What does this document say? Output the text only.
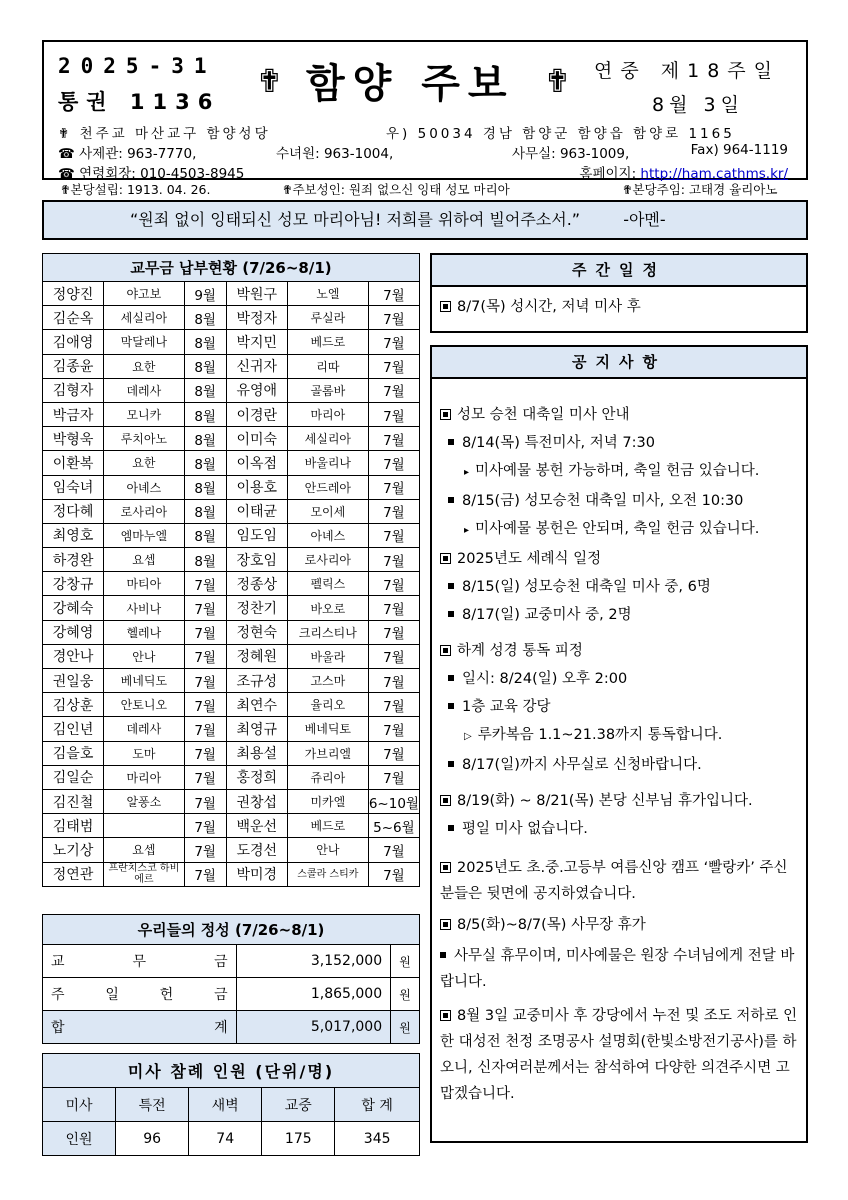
2025-31
통권 1136
✟ 함양 주보 ✟ 연중 제18주일
8월 3일
✟ 천주교 마산교구 함양성당	우) 50034 경남 함양군 함양읍 함양로 1165
☎ 사제관: 963-7770,	수녀원: 963-1004,	사무실: 963-1009,	Fax) 964-1119
☎ 연령회장: 010-4503-8945	홈페이지: http://ham.cathms.kr/
✟본당설립: 1913. 04. 26.	✟주보성인: 원죄 없으신 잉태 성모 마리아	✟본당주임: 고태경 율리아노
“원죄 없이 잉태되신 성모 마리아님! 저희를 위하여 빌어주소서.”	-아멘-
교무금 납부현황 (7/26~8/1)					
정양진	야고보	9월	박원구	노엘	7월
김순옥	세실리아	8월	박정자	루실라	7월
김애영	막달레나	8월	박지민	베드로	7월
김종윤	요한	8월	신귀자	리따	7월
김형자	데레사	8월	유영애	골롬바	7월
박금자	모니카	8월	이경란	마리아	7월
박형욱	루치아노	8월	이미숙	세실리아	7월
이환복	요한	8월	이옥점	바울리나	7월
임숙녀	아녜스	8월	이용호	안드레아	7월
정다혜	로사리아	8월	이태균	모이세	7월
최영호	엠마누엘	8월	임도임	아녜스	7월
하경완	요셉	8월	장호임	로사리아	7월
강창규	마티아	7월	정종상	펠릭스	7월
강혜숙	사비나	7월	정찬기	바오로	7월
강혜영	헬레나	7월	정현숙	크리스티나	7월
경안나	안나	7월	정혜원	바울라	7월
권일웅	베네딕도	7월	조규성	고스마	7월
김상훈	안토니오	7월	최연수	율리오	7월
김인년	데레사	7월	최영규	베네딕토	7월
김을호	도마	7월	최용설	가브리엘	7월
김일순	마리아	7월	홍정희	쥬리아	7월
김진철	알퐁소	7월	권창섭	미카엘	6~10월
김태범		7월	백운선	베드로	5~6월
노기상	요셉	7월	도경선	안나	7월
정연관	프란치스코 하비에르	7월	박미경	스콜라 스티카	7월
우리들의 정성 (7/26~8/1)		

교 무 금	3,152,000	원

주 일 헌 금	1,865,000	원

합 계	5,017,000	원
미사 참례 인원 (단위/명)				
미사	특전	새벽	교중	합 계
인원	96	74	175	345
주간일정
8/7(목) 성시간, 저녁 미사 후
공지사항
성모 승천 대축일 미사 안내
8/14(목) 특전미사, 저녁 7:30
▸ 미사예물 봉헌 가능하며, 축일 헌금 있습니다.
8/15(금) 성모승천 대축일 미사, 오전 10:30
▸ 미사예물 봉헌은 안되며, 축일 헌금 있습니다.
2025년도 세례식 일정
8/15(일) 성모승천 대축일 미사 중, 6명
8/17(일) 교중미사 중, 2명
하계 성경 통독 피정
일시: 8/24(일) 오후 2:00
1층 교육 강당
▷ 루카복음 1.1~21.38까지 통독합니다.
8/17(일)까지 사무실로 신청바랍니다.
8/19(화) ~ 8/21(목) 본당 신부님 휴가입니다.
평일 미사 없습니다.
2025년도 초.중.고등부 여름신앙 캠프 ‘빨랑카’ 주신 분들은 뒷면에 공지하였습니다.
8/5(화)~8/7(목) 사무장 휴가
사무실 휴무이며, 미사예물은 원장 수녀님에게 전달 바랍니다.
8월 3일 교중미사 후 강당에서 누전 및 조도 저하로 인한 대성전 천정 조명공사 설명회(한빛소방전기공사)를 하오니, 신자여러분께서는 참석하여 다양한 의견주시면 고맙겠습니다.
